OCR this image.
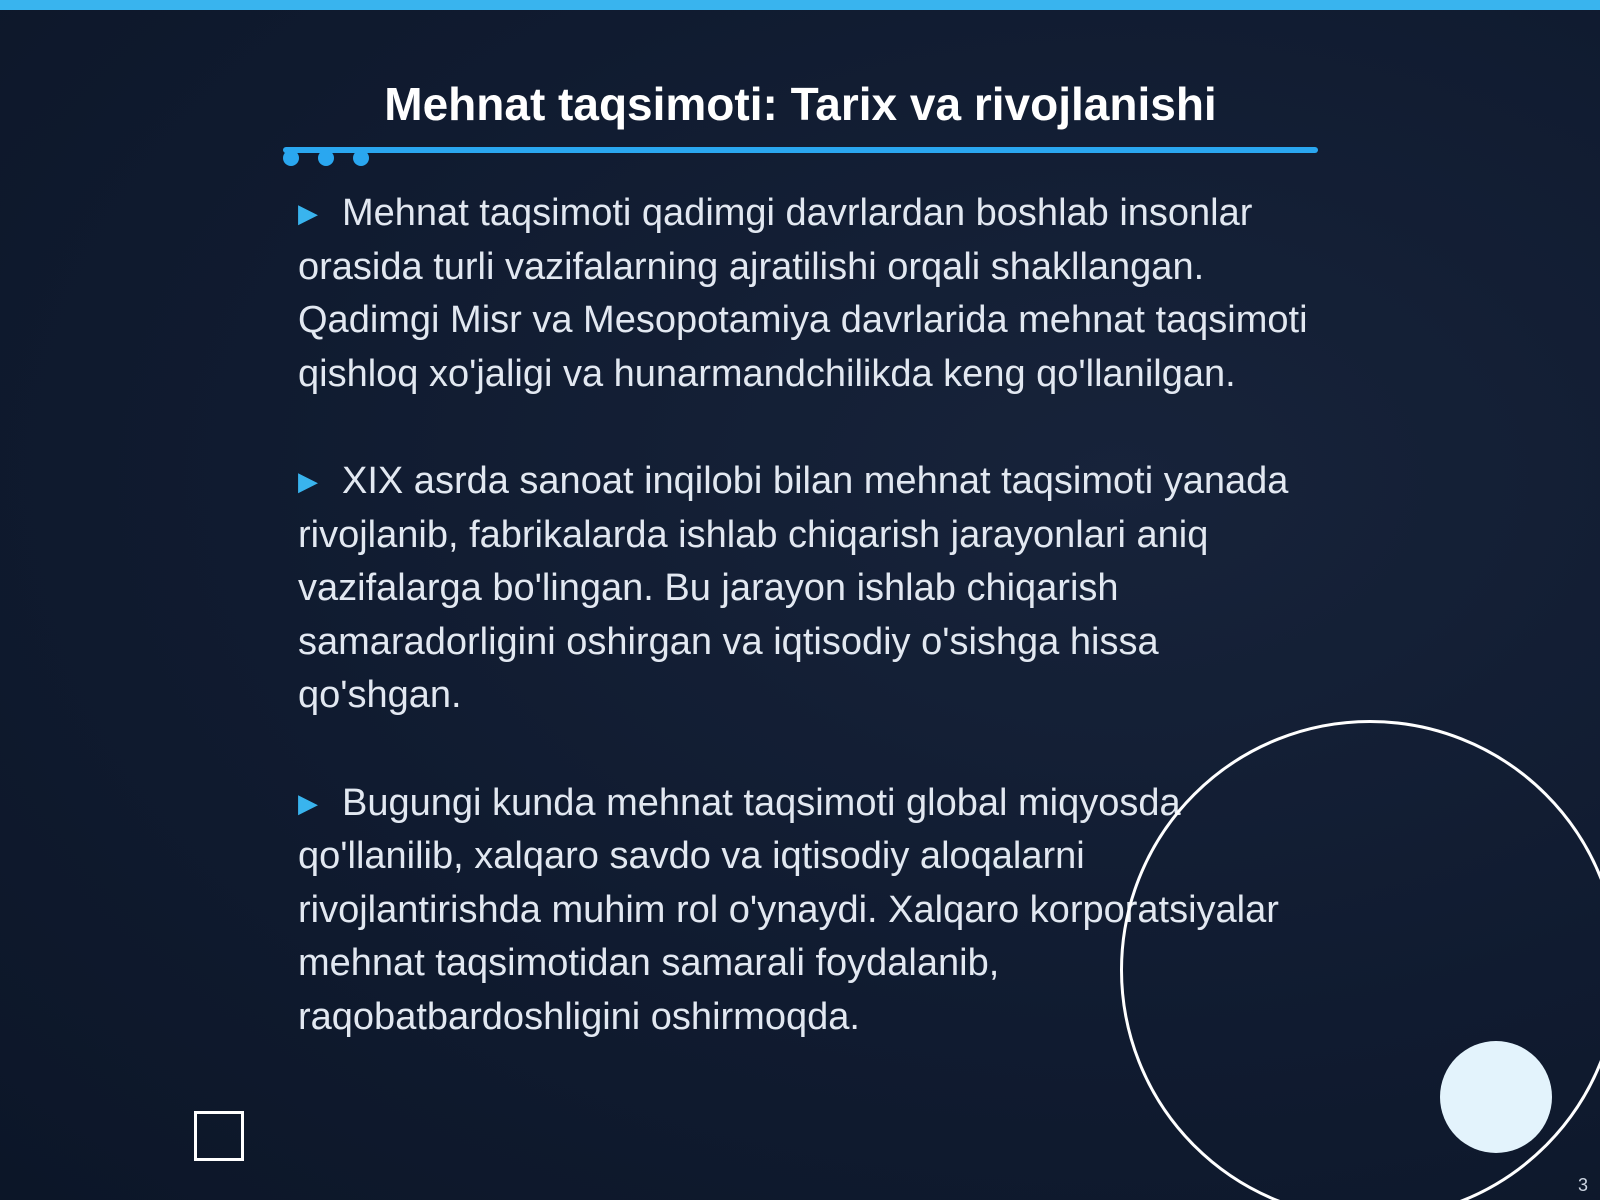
Mehnat taqsimoti: Tarix va rivojlanishi
▶ Mehnat taqsimoti qadimgi davrlardan boshlab insonlar orasida turli vazifalarning ajratilishi orqali shakllangan. Qadimgi Misr va Mesopotamiya davrlarida mehnat taqsimoti qishloq xo'jaligi va hunarmandchilikda keng qo'llanilgan.
▶ XIX asrda sanoat inqilobi bilan mehnat taqsimoti yanada rivojlanib, fabrikalarda ishlab chiqarish jarayonlari aniq vazifalarga bo'lingan. Bu jarayon ishlab chiqarish samaradorligini oshirgan va iqtisodiy o'sishga hissa qo'shgan.
▶ Bugungi kunda mehnat taqsimoti global miqyosda qo'llanilib, xalqaro savdo va iqtisodiy aloqalarni rivojlantirishda muhim rol o'ynaydi. Xalqaro korporatsiyalar mehnat taqsimotidan samarali foydalanib, raqobatbardoshligini oshirmoqda.
3
